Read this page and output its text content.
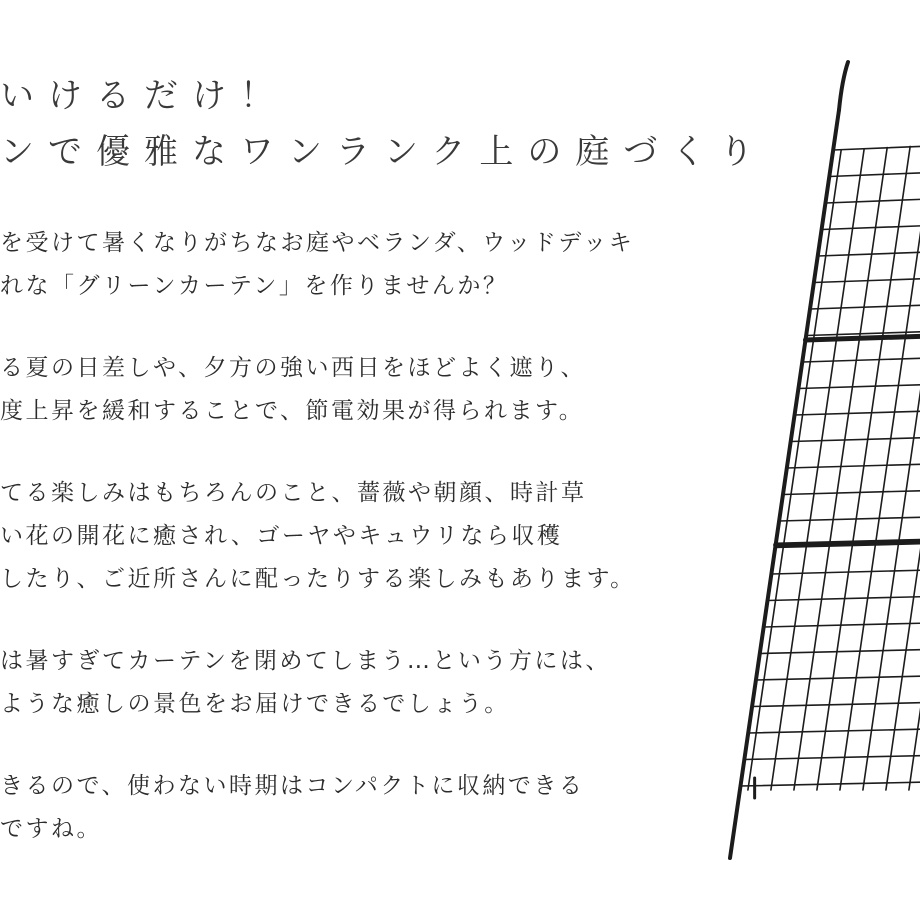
いけるだけ！
ンで優雅なワンランク上の庭づくり

を受けて暑くなりがちなお庭やベランダ、ウッドデッキ
れな「グリーンカーテン」を作りませんか？

る夏の日差しや、夕方の強い西日をほどよく遮り、
度上昇を緩和することで、節電効果が得られます。

てる楽しみはもちろんのこと、薔薇や朝顔、時計草
い花の開花に癒され、ゴーヤやキュウリなら収穫
したり、ご近所さんに配ったりする楽しみもあります。

は暑すぎてカーテンを閉めてしまう…という方には、
ような癒しの景色をお届けできるでしょう。

きるので、使わない時期はコンパクトに収納できる
ですね。
